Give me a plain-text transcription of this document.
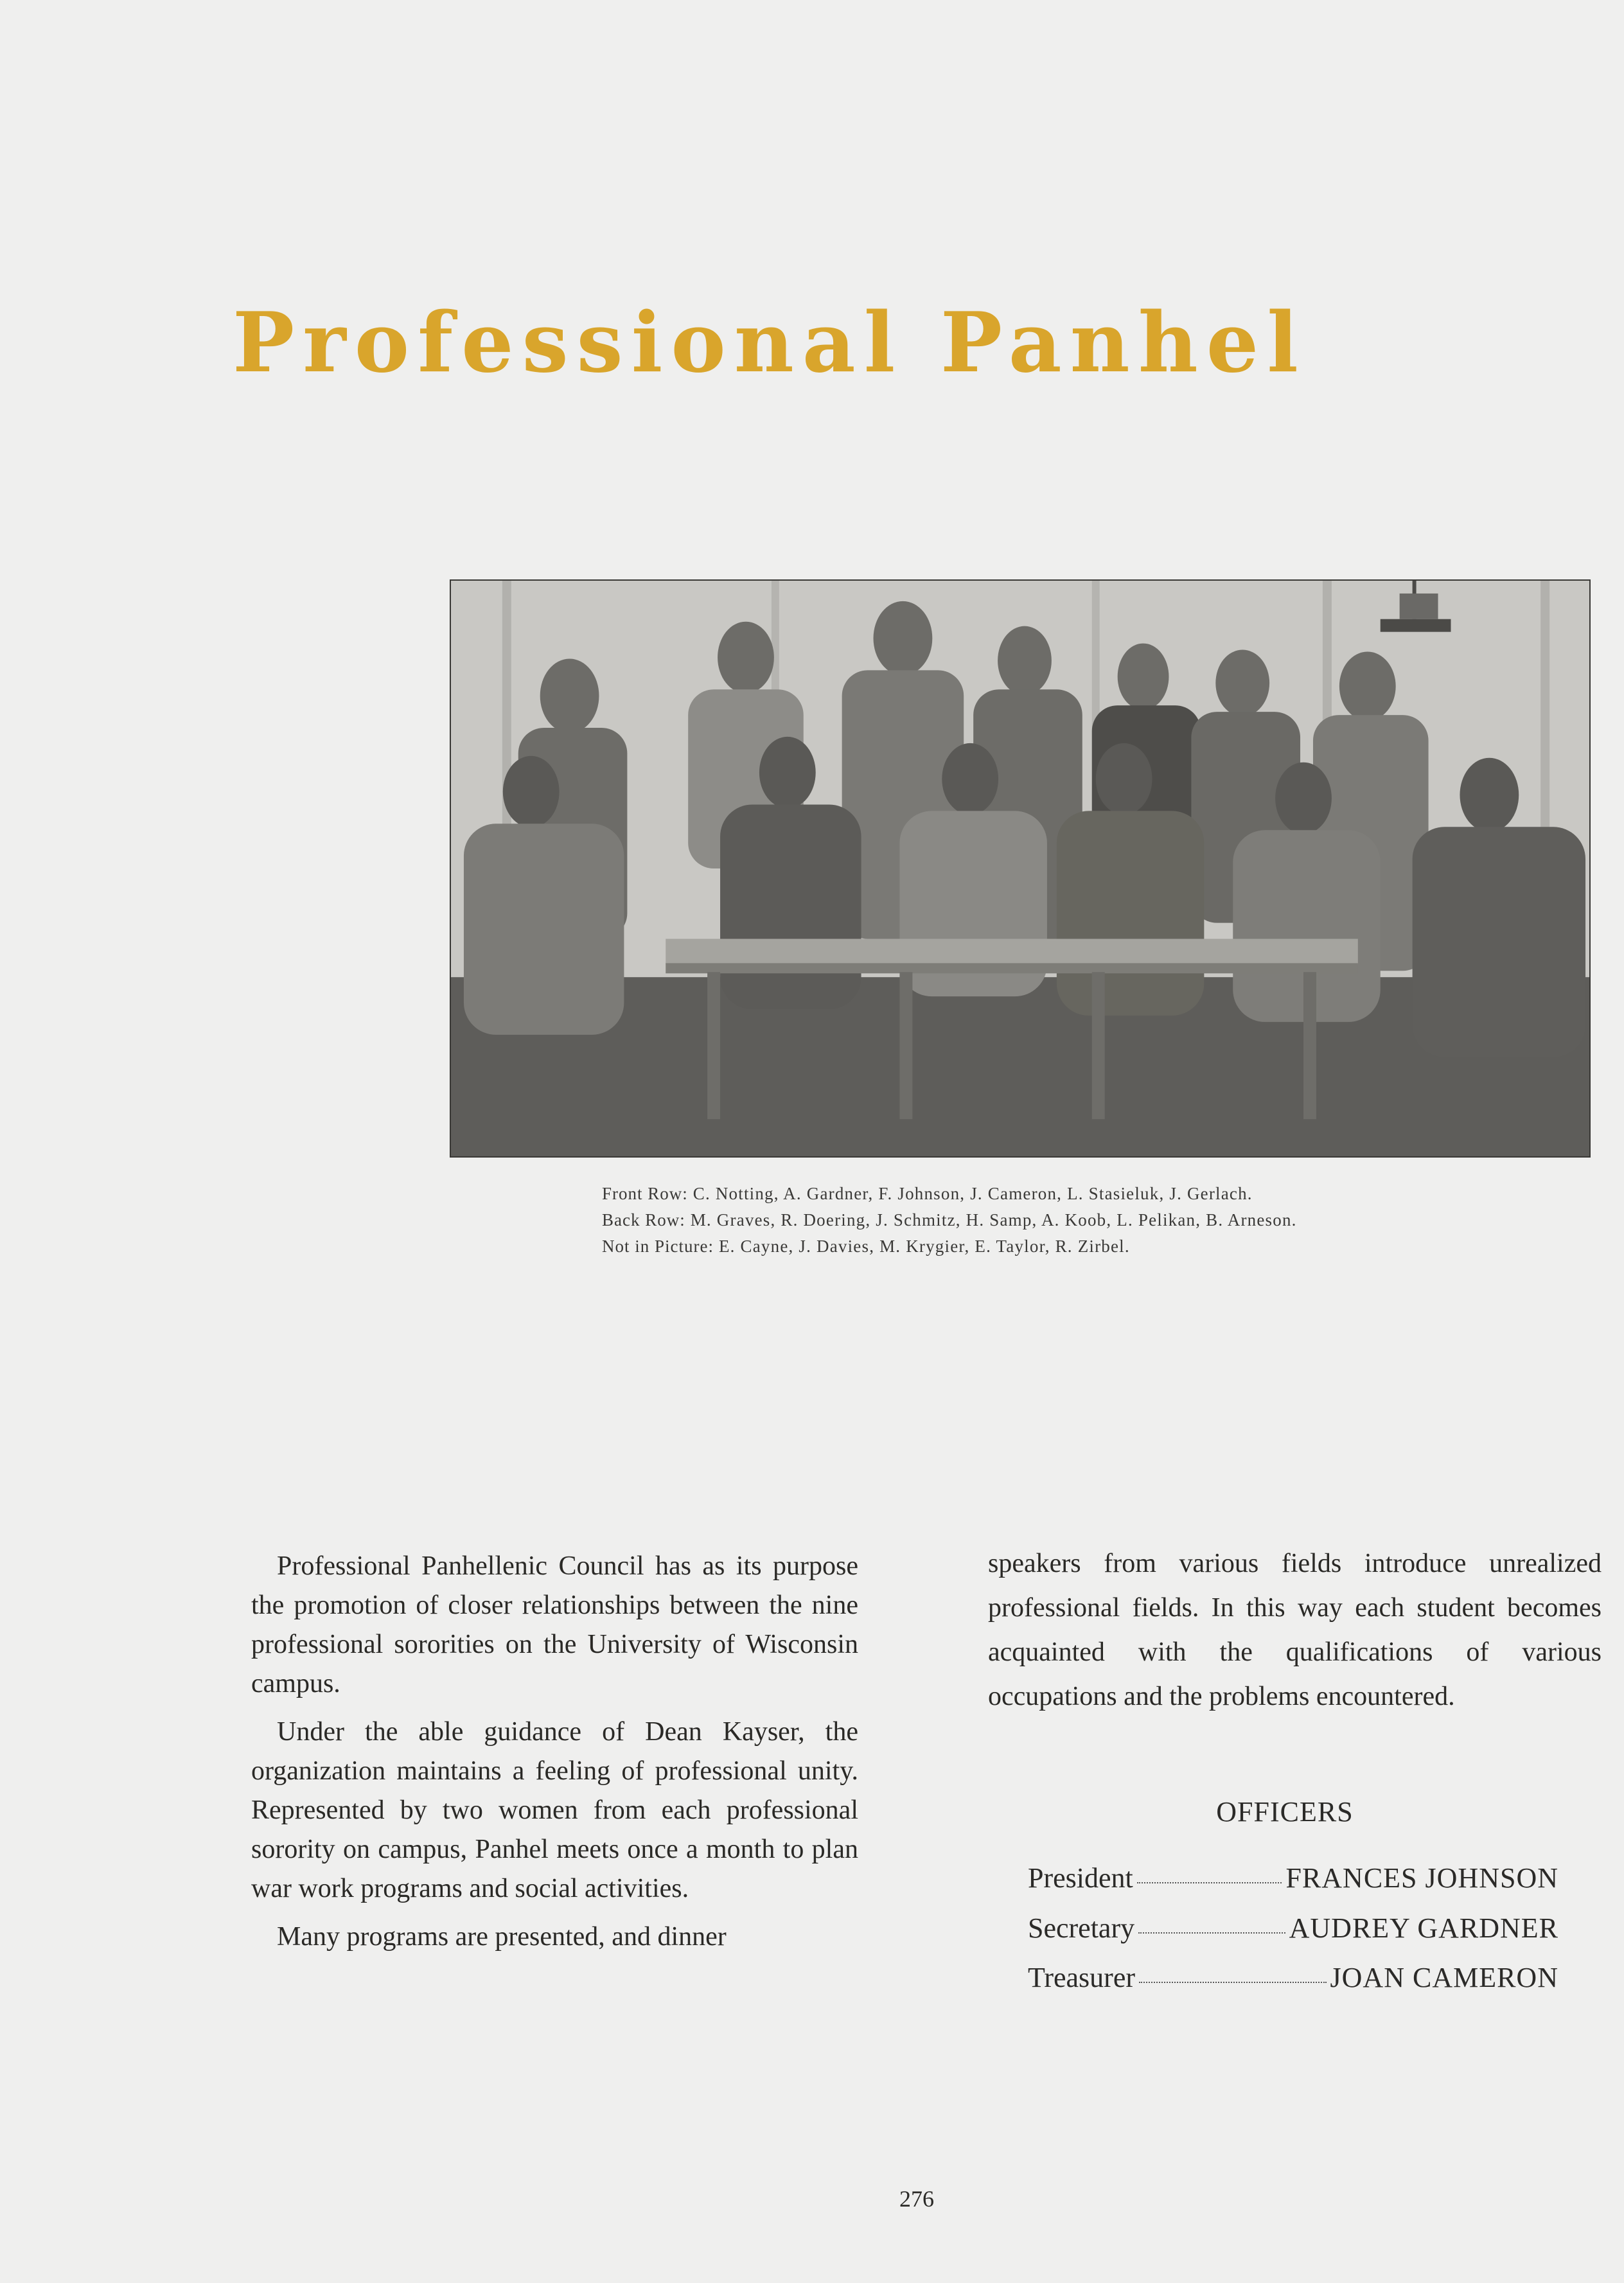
Professional Panhel
Front Row: C. Notting, A. Gardner, F. Johnson, J. Cameron, L. Stasieluk, J. Gerlach.
Back Row: M. Graves, R. Doering, J. Schmitz, H. Samp, A. Koob, L. Pelikan, B. Arneson.
Not in Picture: E. Cayne, J. Davies, M. Krygier, E. Taylor, R. Zirbel.

Professional Panhellenic Council has as its purpose the promotion of closer relationships between the nine professional sororities on the University of Wisconsin campus.

Under the able guidance of Dean Kayser, the organization maintains a feeling of professional unity. Represented by two women from each professional sorority on campus, Panhel meets once a month to plan war work programs and social activities.

Many programs are presented, and dinner

speakers from various fields introduce unrealized professional fields. In this way each student becomes acquainted with the qualifications of various occupations and the problems encountered.

OFFICERS
President	FRANCES JOHNSON
Secretary	AUDREY GARDNER
Treasurer	JOAN CAMERON
276
